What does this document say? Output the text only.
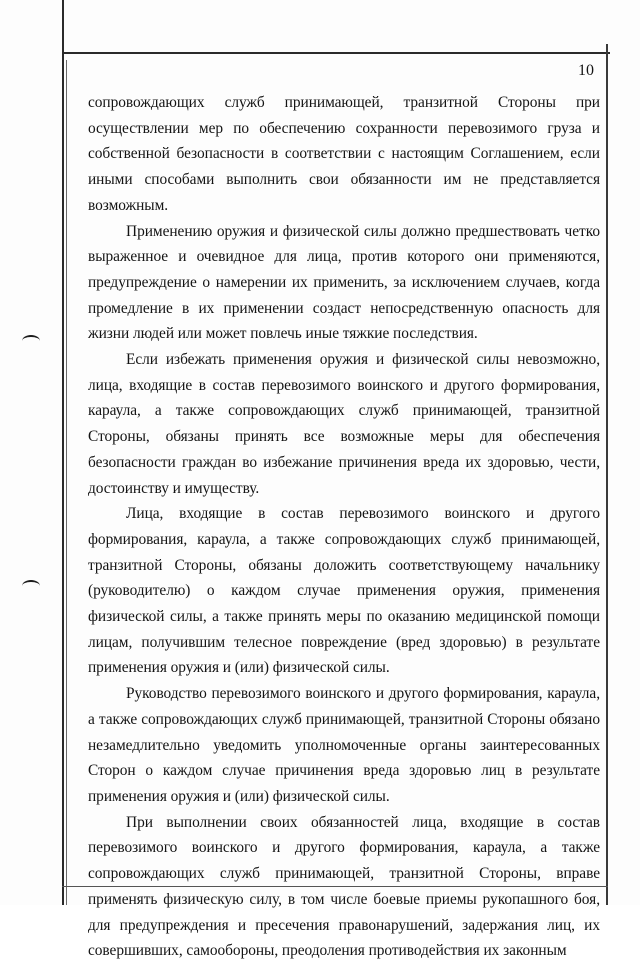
10

сопровождающих служб принимающей, транзитной Стороны при осуществлении мер по обеспечению сохранности перевозимого груза и собственной безопасности в соответствии с настоящим Соглашением, если иными способами выполнить свои обязанности им не представляется возможным.

Применению оружия и физической силы должно предшествовать четко выраженное и очевидное для лица, против которого они применяются, предупреждение о намерении их применить, за исключением случаев, когда промедление в их применении создаст непосредственную опасность для жизни людей или может повлечь иные тяжкие последствия.

Если избежать применения оружия и физической силы невозможно, лица, входящие в состав перевозимого воинского и другого формирования, караула, а также сопровождающих служб принимающей, транзитной Стороны, обязаны принять все возможные меры для обеспечения безопасности граждан во избежание причинения вреда их здоровью, чести, достоинству и имуществу.

Лица, входящие в состав перевозимого воинского и другого формирования, караула, а также сопровождающих служб принимающей, транзитной Стороны, обязаны доложить соответствующему начальнику (руководителю) о каждом случае применения оружия, применения физической силы, а также принять меры по оказанию медицинской помощи лицам, получившим телесное повреждение (вред здоровью) в результате применения оружия и (или) физической силы.

Руководство перевозимого воинского и другого формирования, караула, а также сопровождающих служб принимающей, транзитной Стороны обязано незамедлительно уведомить уполномоченные органы заинтересованных Сторон о каждом случае причинения вреда здоровью лиц в результате применения оружия и (или) физической силы.

При выполнении своих обязанностей лица, входящие в состав перевозимого воинского и другого формирования, караула, а также сопровождающих служб принимающей, транзитной Стороны, вправе применять физическую силу, в том числе боевые приемы рукопашного боя, для предупреждения и пресечения правонарушений, задержания лиц, их совершивших, самообороны, преодоления противодействия их законным
